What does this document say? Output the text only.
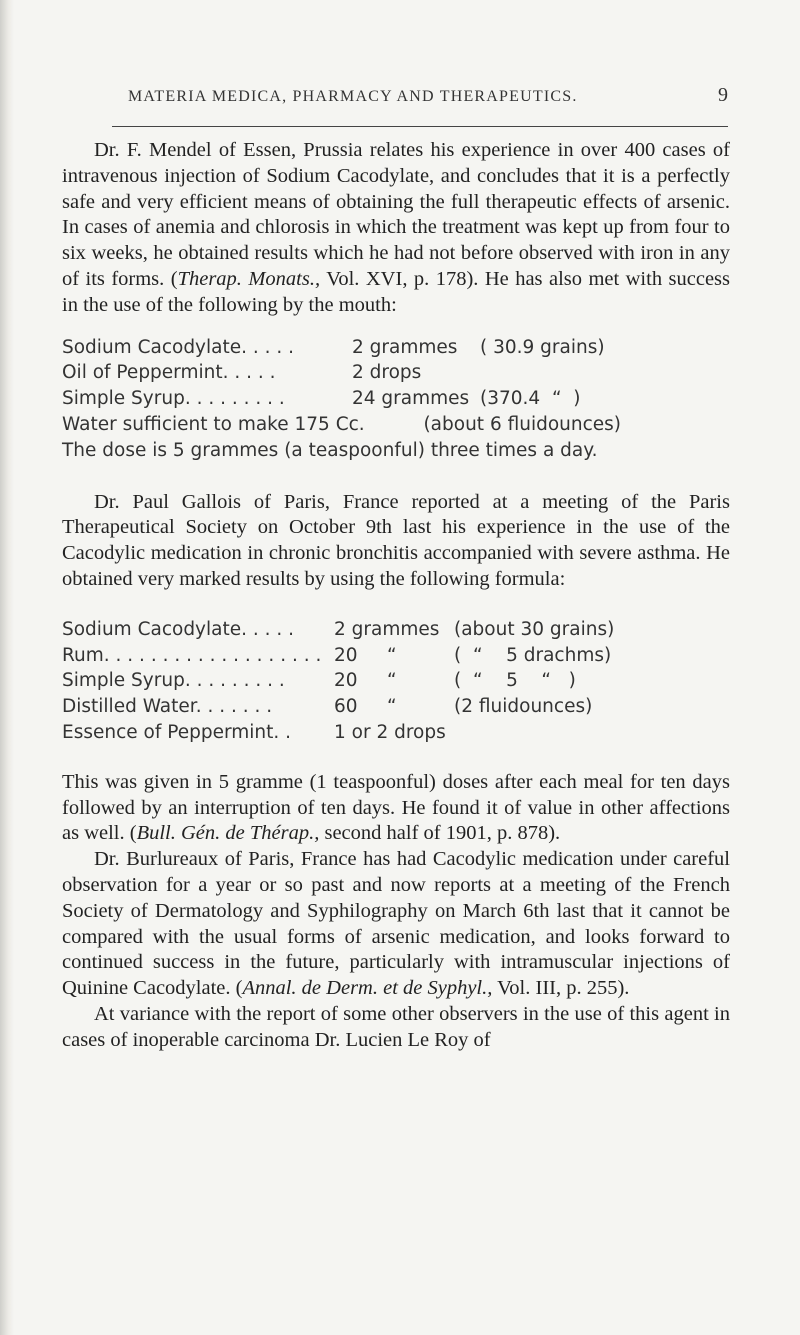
MATERIA MEDICA, PHARMACY AND THERAPEUTICS.	9

Dr. F. Mendel of Essen, Prussia relates his experience in over 400 cases of intravenous injection of Sodium Cacodylate, and concludes that it is a perfectly safe and very efficient means of obtaining the full therapeutic effects of arsenic. In cases of anemia and chlorosis in which the treatment was kept up from four to six weeks, he obtained results which he had not before observed with iron in any of its forms. (Therap. Monats., Vol. XVI, p. 178). He has also met with success in the use of the following by the mouth:

Sodium Cacodylate. . . . .	2 grammes ( 30.9 grains)
Oil of Peppermint. . . . .	2 drops
Simple Syrup. . . . . . . . .	24 grammes (370.4  “  )
Water sufficient to make 175 Cc.          (about 6 fluidounces)
The dose is 5 grammes (a teaspoonful) three times a day.

Dr. Paul Gallois of Paris, France reported at a meeting of the Paris Therapeutical Society on October 9th last his experience in the use of the Cacodylic medication in chronic bronchitis accompanied with severe asthma. He obtained very marked results by using the following formula:

Sodium Cacodylate. . . . . 2 grammes (about 30 grains)
Rum. . . . . . . . . . . . . . . . . . . 20     “	(  “    5 drachms)
Simple Syrup. . . . . . . . .	20     “	(  “    5    “   )
Distilled Water. . . . . . .	60     “	(2 fluidounces)
Essence of Peppermint. . 1 or 2 drops

This was given in 5 gramme (1 teaspoonful) doses after each meal for ten days followed by an interruption of ten days. He found it of value in other affections as well. (Bull. Gén. de Thérap., second half of 1901, p. 878).

Dr. Burlureaux of Paris, France has had Cacodylic medication under careful observation for a year or so past and now reports at a meeting of the French Society of Dermatology and Syphilography on March 6th last that it cannot be compared with the usual forms of arsenic medication, and looks forward to continued success in the future, particularly with intramuscular injections of Quinine Cacodylate. (Annal. de Derm. et de Syphyl., Vol. III, p. 255).

At variance with the report of some other observers in the use of this agent in cases of inoperable carcinoma Dr. Lucien Le Roy of
